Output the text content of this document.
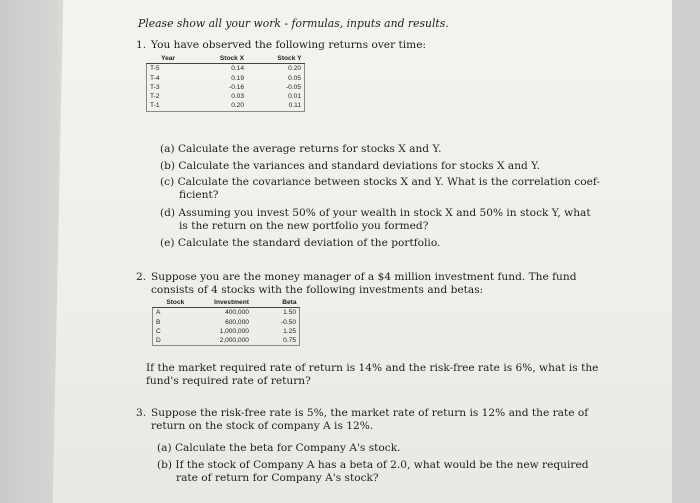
Please show all your work - formulas, inputs and results.
1. You have observed the following returns over time:
Year	Stock X	Stock Y
T-5	0.14	0.20
T-4	0.19	0.05
T-3	-0.16	-0.05
T-2	0.03	0.01
T-1	0.20	0.11
(a) Calculate the average returns for stocks X and Y.
(b) Calculate the variances and standard deviations for stocks X and Y.
(c) Calculate the covariance between stocks X and Y. What is the correlation coef-
ficient?
(d) Assuming you invest 50% of your wealth in stock X and 50% in stock Y, what
is the return on the new portfolio you formed?
(e) Calculate the standard deviation of the portfolio.
2. Suppose you are the money manager of a $4 million investment fund. The fund
consists of 4 stocks with the following investments and betas:
Stock	Investment	Beta
A	400,000	1.50
B	600,000	-0.50
C	1,000,000	1.25
D	2,000,000	0.75
If the market required rate of return is 14% and the risk-free rate is 6%, what is the
fund's required rate of return?
3. Suppose the risk-free rate is 5%, the market rate of return is 12% and the rate of
return on the stock of company A is 12%.
(a) Calculate the beta for Company A's stock.
(b) If the stock of Company A has a beta of 2.0, what would be the new required
rate of return for Company A's stock?
